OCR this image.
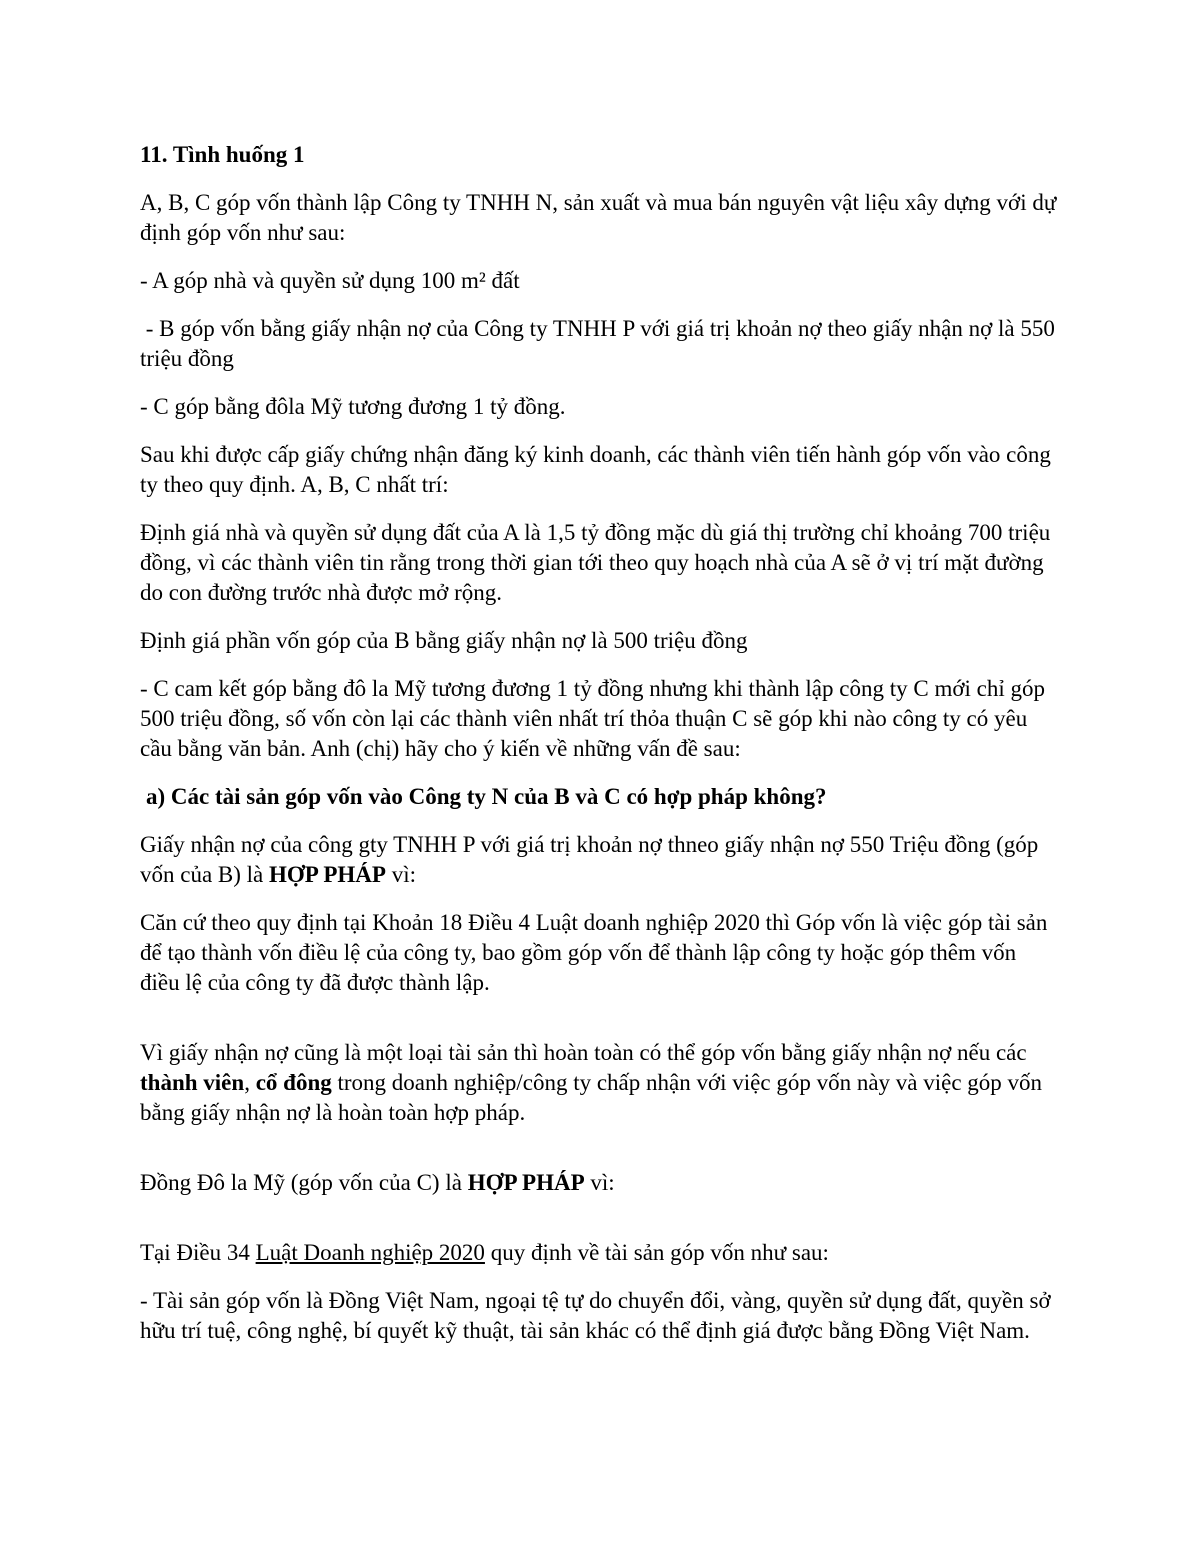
11. Tình huống 1

A, B, C góp vốn thành lập Công ty TNHH N, sản xuất và mua bán nguyên vật liệu xây dựng với dự định góp vốn như sau:

- A góp nhà và quyền sử dụng 100 m² đất

- B góp vốn bằng giấy nhận nợ của Công ty TNHH P với giá trị khoản nợ theo giấy nhận nợ là 550 triệu đồng

- C góp bằng đôla Mỹ tương đương 1 tỷ đồng.

Sau khi được cấp giấy chứng nhận đăng ký kinh doanh, các thành viên tiến hành góp vốn vào công ty theo quy định. A, B, C nhất trí:

Định giá nhà và quyền sử dụng đất của A là 1,5 tỷ đồng mặc dù giá thị trường chỉ khoảng 700 triệu đồng, vì các thành viên tin rằng trong thời gian tới theo quy hoạch nhà của A sẽ ở vị trí mặt đường do con đường trước nhà được mở rộng.

Định giá phần vốn góp của B bằng giấy nhận nợ là 500 triệu đồng

- C cam kết góp bằng đô la Mỹ tương đương 1 tỷ đồng nhưng khi thành lập công ty C mới chỉ góp 500 triệu đồng, số vốn còn lại các thành viên nhất trí thỏa thuận C sẽ góp khi nào công ty có yêu cầu bằng văn bản. Anh (chị) hãy cho ý kiến về những vấn đề sau:

a) Các tài sản góp vốn vào Công ty N của B và C có hợp pháp không?

Giấy nhận nợ của công gty TNHH P với giá trị khoản nợ thneo giấy nhận nợ 550 Triệu đồng (góp vốn của B) là HỢP PHÁP vì:

Căn cứ theo quy định tại Khoản 18 Điều 4 Luật doanh nghiệp 2020 thì Góp vốn là việc góp tài sản để tạo thành vốn điều lệ của công ty, bao gồm góp vốn để thành lập công ty hoặc góp thêm vốn điều lệ của công ty đã được thành lập.

Vì giấy nhận nợ cũng là một loại tài sản thì hoàn toàn có thể góp vốn bằng giấy nhận nợ nếu các thành viên, cổ đông trong doanh nghiệp/công ty chấp nhận với việc góp vốn này và việc góp vốn bằng giấy nhận nợ là hoàn toàn hợp pháp.

Đồng Đô la Mỹ (góp vốn của C) là HỢP PHÁP vì:

Tại Điều 34 Luật Doanh nghiệp 2020 quy định về tài sản góp vốn như sau:

- Tài sản góp vốn là Đồng Việt Nam, ngoại tệ tự do chuyển đổi, vàng, quyền sử dụng đất, quyền sở hữu trí tuệ, công nghệ, bí quyết kỹ thuật, tài sản khác có thể định giá được bằng Đồng Việt Nam.
